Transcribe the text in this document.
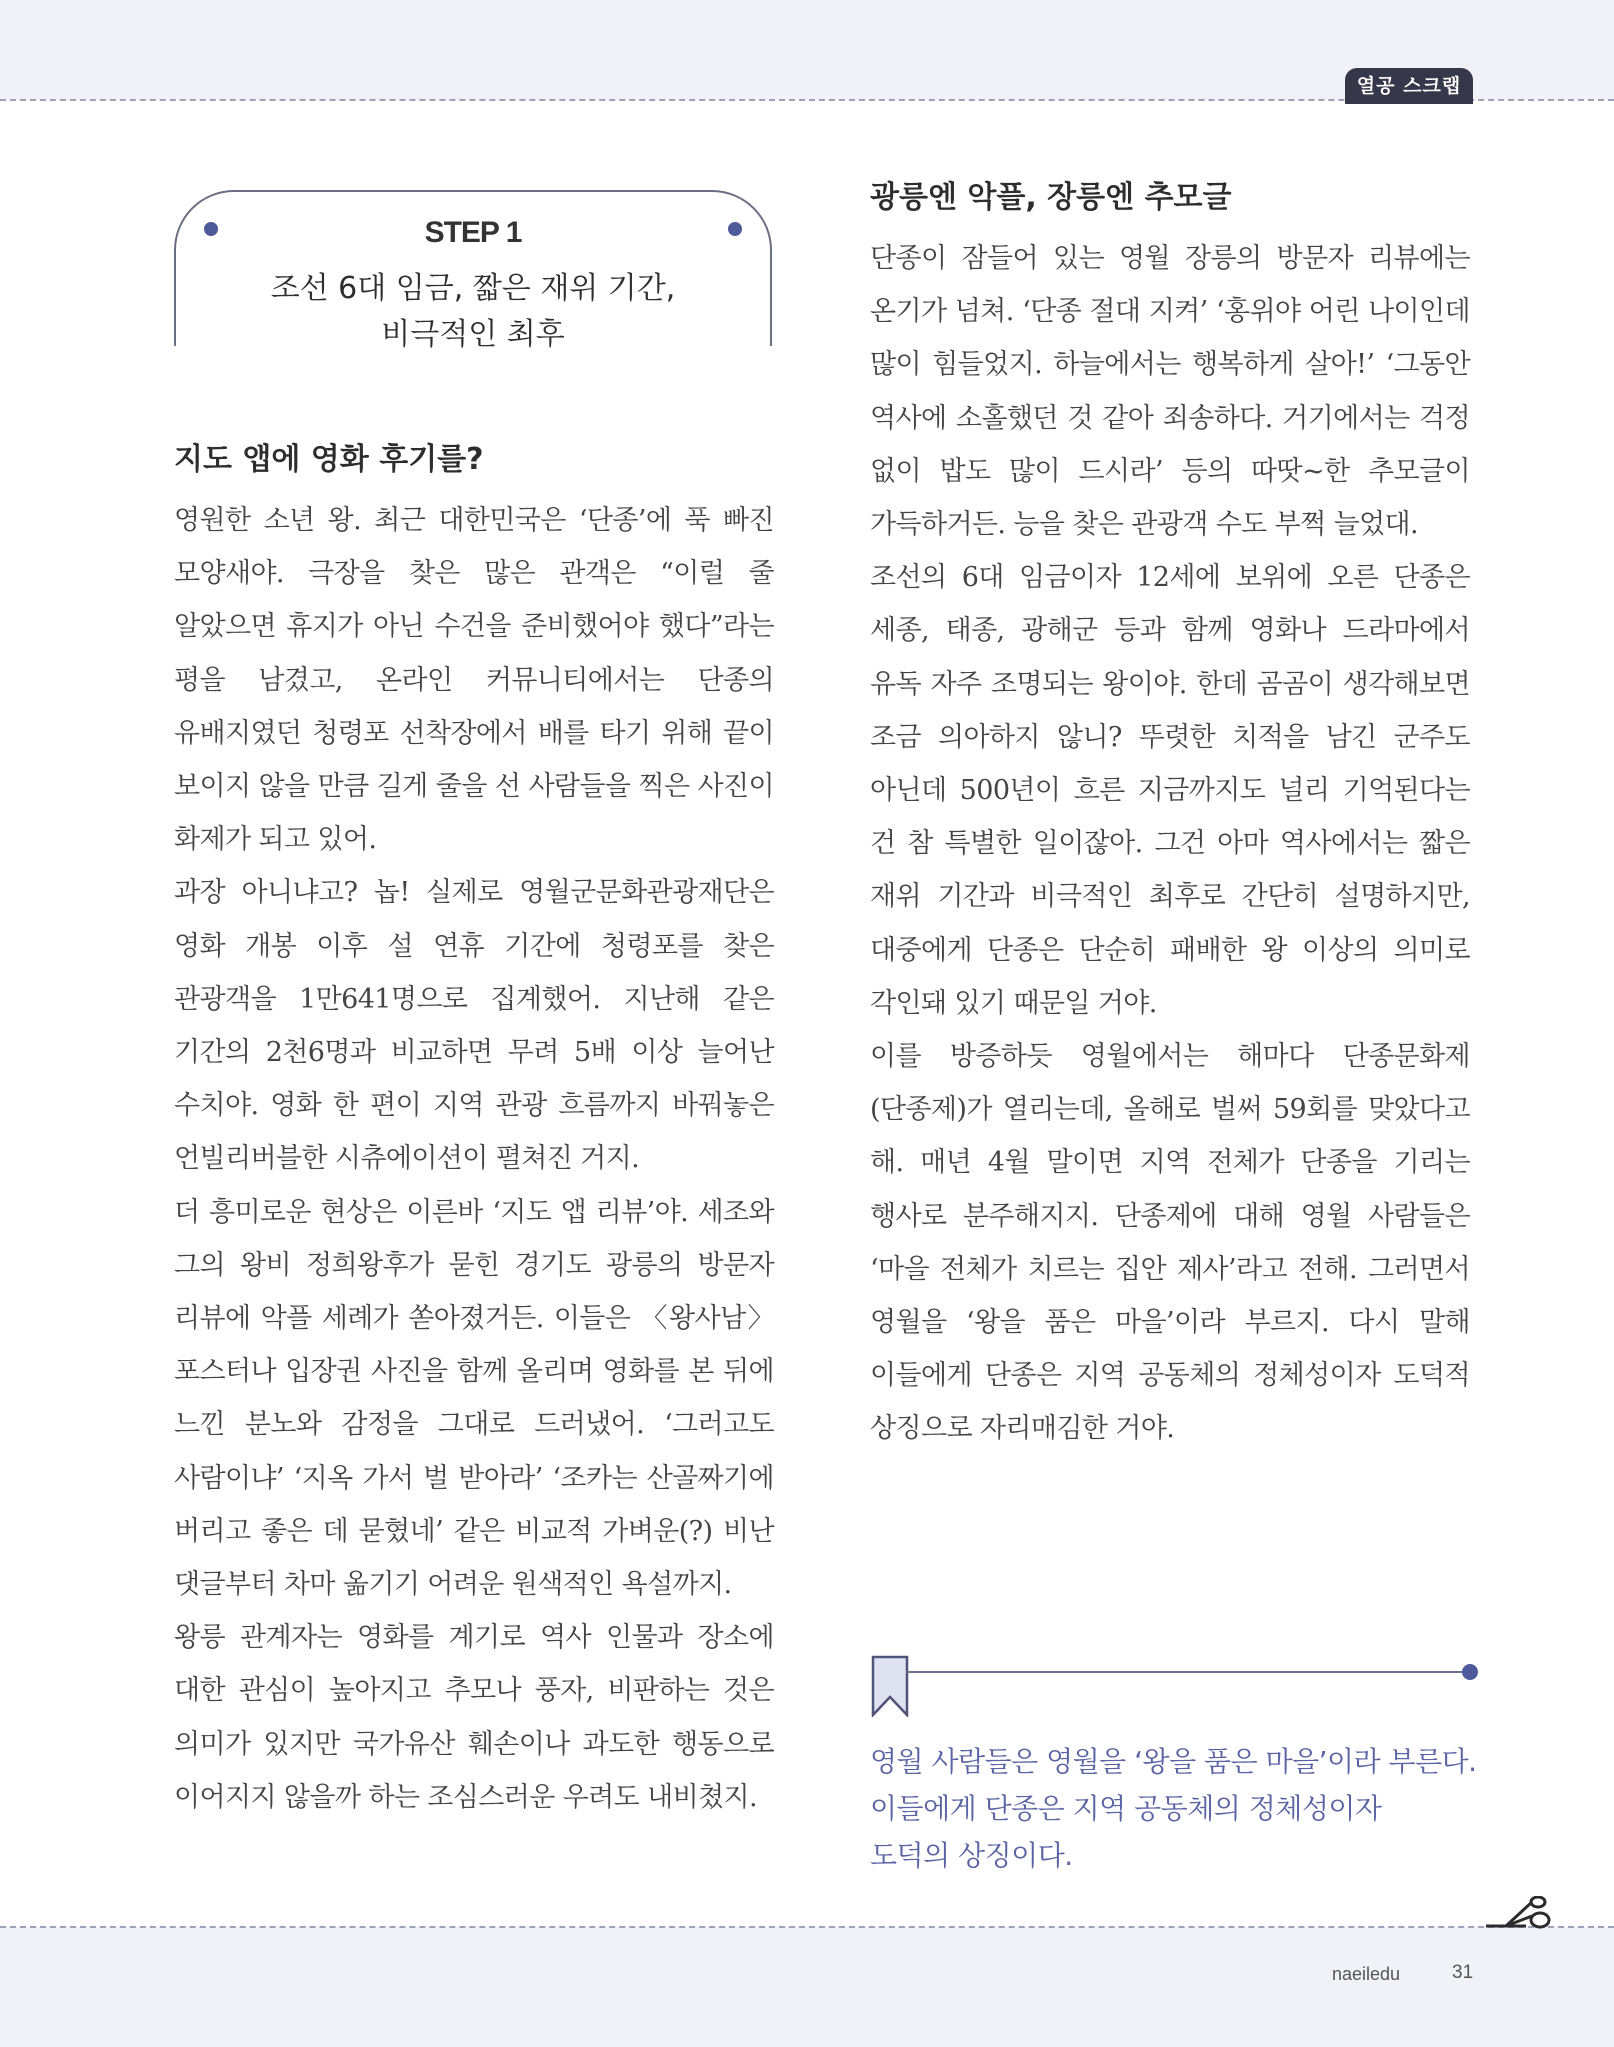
열공 스크랩
STEP 1
조선 6대 임금, 짧은 재위 기간,
비극적인 최후
지도 앱에 영화 후기를?

영원한 소년 왕. 최근 대한민국은 ‘단종’에 푹 빠진 모양새야. 극장을 찾은 많은 관객은 “이럴 줄 알았으면 휴지가 아닌 수건을 준비했어야 했다”라는 평을 남겼고, 온라인 커뮤니티에서는 단종의 유배지였던 청령포 선착장에서 배를 타기 위해 끝이 보이지 않을 만큼 길게 줄을 선 사람들을 찍은 사진이 화제가 되고 있어.

과장 아니냐고? 놉! 실제로 영월군문화관광재단은 영화 개봉 이후 설 연휴 기간에 청령포를 찾은 관광객을 1만641명으로 집계했어. 지난해 같은 기간의 2천6명과 비교하면 무려 5배 이상 늘어난 수치야. 영화 한 편이 지역 관광 흐름까지 바꿔놓은 언빌리버블한 시츄에이션이 펼쳐진 거지.

더 흥미로운 현상은 이른바 ‘지도 앱 리뷰’야. 세조와 그의 왕비 정희왕후가 묻힌 경기도 광릉의 방문자 리뷰에 악플 세례가 쏟아졌거든. 이들은 〈왕사남〉 포스터나 입장권 사진을 함께 올리며 영화를 본 뒤에 느낀 분노와 감정을 그대로 드러냈어. ‘그러고도 사람이냐’ ‘지옥 가서 벌 받아라’ ‘조카는 산골짜기에 버리고 좋은 데 묻혔네’ 같은 비교적 가벼운(?) 비난 댓글부터 차마 옮기기 어려운 원색적인 욕설까지.

왕릉 관계자는 영화를 계기로 역사 인물과 장소에 대한 관심이 높아지고 추모나 풍자, 비판하는 것은 의미가 있지만 국가유산 훼손이나 과도한 행동으로 이어지지 않을까 하는 조심스러운 우려도 내비쳤지.

광릉엔 악플, 장릉엔 추모글

단종이 잠들어 있는 영월 장릉의 방문자 리뷰에는 온기가 넘쳐. ‘단종 절대 지켜’ ‘홍위야 어린 나이인데 많이 힘들었지. 하늘에서는 행복하게 살아!’ ‘그동안 역사에 소홀했던 것 같아 죄송하다. 거기에서는 걱정 없이 밥도 많이 드시라’ 등의 따땃~한 추모글이 가득하거든. 능을 찾은 관광객 수도 부쩍 늘었대.

조선의 6대 임금이자 12세에 보위에 오른 단종은 세종, 태종, 광해군 등과 함께 영화나 드라마에서 유독 자주 조명되는 왕이야. 한데 곰곰이 생각해보면 조금 의아하지 않니? 뚜렷한 치적을 남긴 군주도 아닌데 500년이 흐른 지금까지도 널리 기억된다는 건 참 특별한 일이잖아. 그건 아마 역사에서는 짧은 재위 기간과 비극적인 최후로 간단히 설명하지만, 대중에게 단종은 단순히 패배한 왕 이상의 의미로 각인돼 있기 때문일 거야.

이를 방증하듯 영월에서는 해마다 단종문화제(단종제)가 열리는데, 올해로 벌써 59회를 맞았다고 해. 매년 4월 말이면 지역 전체가 단종을 기리는 행사로 분주해지지. 단종제에 대해 영월 사람들은 ‘마을 전체가 치르는 집안 제사’라고 전해. 그러면서 영월을 ‘왕을 품은 마을’이라 부르지. 다시 말해 이들에게 단종은 지역 공동체의 정체성이자 도덕적 상징으로 자리매김한 거야.

영월 사람들은 영월을 ‘왕을 품은 마을’이라 부른다.
이들에게 단종은 지역 공동체의 정체성이자
도덕의 상징이다.
naeiledu	31
